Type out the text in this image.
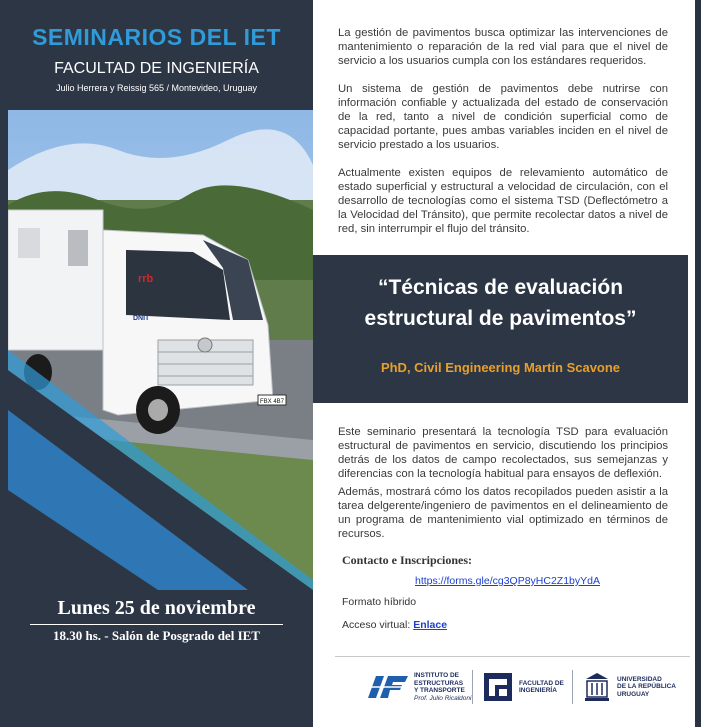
SEMINARIOS DEL IET
FACULTAD DE INGENIERÍA
Julio Herrera y Reissig 565 / Montevideo, Uruguay
FBX 4B7
rrb
DNIT
Lunes 25 de noviembre
18.30 hs. - Salón de Posgrado del IET
La gestión de pavimentos busca optimizar las intervenciones de mantenimiento o reparación de la red vial para que el nivel de servicio a los usuarios cumpla con los estándares requeridos.
Un sistema de gestión de pavimentos debe nutrirse con información confiable y actualizada del estado de conservación de la red, tanto a nivel de condición superficial como de capacidad portante, pues ambas variables inciden en el nivel de servicio prestado a los usuarios.
Actualmente existen equipos de relevamiento automático de estado superficial y estructural a velocidad de circulación, con el desarrollo de tecnologías como el sistema TSD (Deflectómetro a la Velocidad del Tránsito), que permite recolectar datos a nivel de red, sin interrumpir el flujo del tránsito.
“Técnicas de evaluación estructural de pavimentos”
PhD, Civil Engineering Martín Scavone
Este seminario presentará la tecnología TSD para evaluación estructural de pavimentos en servicio, discutiendo los principios detrás de los datos de campo recolectados, sus semejanzas y diferencias con la tecnología habitual para ensayos de deflexión.
Además, mostrará cómo los datos recopilados pueden asistir a la tarea delgerente/ingeniero de pavimentos en el delineamiento de un programa de mantenimiento vial optimizado en términos de recursos.
Contacto e Inscripciones:
https://forms.gle/cg3QP8yHC2Z1byYdA
Formato híbrido
Acceso virtual: Enlace
INSTITUTO DE
ESTRUCTURAS
Y TRANSPORTE
Prof. Julio Ricaldoni
FACULTAD DE
INGENIERÍA
UNIVERSIDAD
DE LA REPÚBLICA
URUGUAY
